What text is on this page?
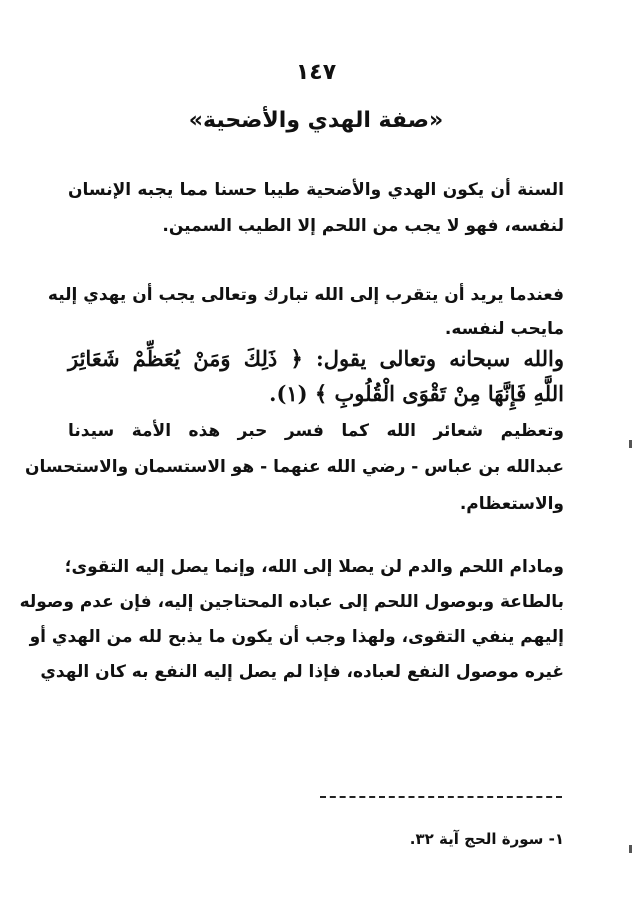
١٤٧
«صفة الهدي والأضحية»
السنة أن يكون الهدي والأضحية طيبا حسنا مما يجبه الإنسان
لنفسه، فهو لا يجب من اللحم إلا الطيب السمين.
فعندما يريد أن يتقرب إلى الله تبارك وتعالى يجب أن يهدي إليه
مايحب لنفسه.
والله سبحانه وتعالى يقول: ﴿ ذَلِكَ وَمَنْ يُعَظِّمْ شَعَائِرَ
اللَّهِ فَإِنَّهَا مِنْ تَقْوَى الْقُلُوبِ ﴾ (١).
وتعظيم شعائر الله كما فسر حبر هذه الأمة سيدنا
عبدالله بن عباس - رضي الله عنهما - هو الاستسمان والاستحسان
والاستعظام.
ومادام اللحم والدم لن يصلا إلى الله، وإنما يصل إليه التقوى؛
بالطاعة وبوصول اللحم إلى عباده المحتاجين إليه، فإن عدم وصوله
إليهم ينفي التقوى، ولهذا وجب أن يكون ما يذبح لله من الهدي أو
غيره موصول النفع لعباده، فإذا لم يصل إليه النفع به كان الهدي
١- سورة الحج آية ٣٢.
